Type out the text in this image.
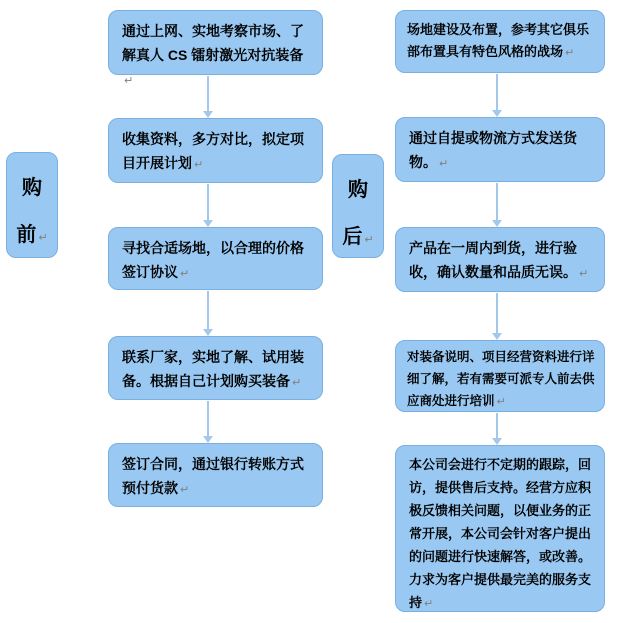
购
前 ↵
购
后 ↵
通过上网、实地考察市场、了解真人 CS 镭射激光对抗装备↵
收集资料，多方对比，拟定项目开展计划 ↵
寻找合适场地，以合理的价格签订协议 ↵
联系厂家，实地了解、试用装备。根据自己计划购买装备 ↵
签订合同，通过银行转账方式预付货款 ↵
场地建设及布置，参考其它俱乐部布置具有特色风格的战场 ↵
通过自提或物流方式发送货物。 ↵
产品在一周内到货，进行验收，确认数量和品质无误。 ↵
对装备说明、项目经营资料进行详细了解，若有需要可派专人前去供应商处进行培训 ↵
本公司会进行不定期的跟踪，回访，提供售后支持。经营方应积极反馈相关问题，以便业务的正常开展，本公司会针对客户提出的问题进行快速解答，或改善。力求为客户提供最完美的服务支持 ↵
